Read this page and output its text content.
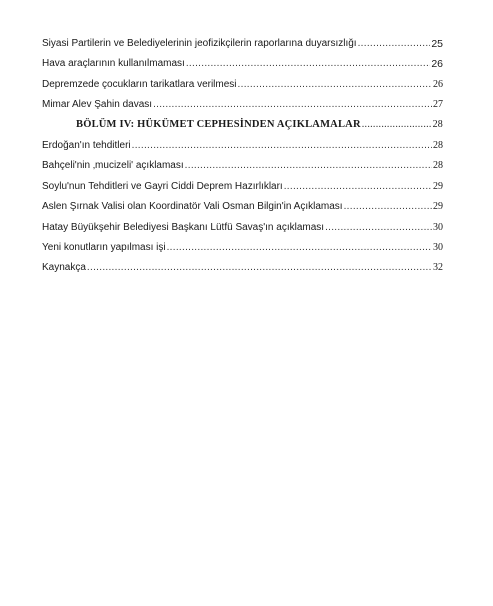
Siyasi Partilerin ve Belediyelerinin jeofizikçilerin raporlarına duyarsızlığı .....	25
Hava araçlarının kullanılmaması .....	26
Depremzede çocukların tarikatlara verilmesi .....	26
Mimar Alev Şahin davası .....	27
BÖLÜM IV: HÜKÜMET CEPHESİNDEN AÇIKLAMALAR .....	28
Erdoğan'ın tehditleri .....	28
Bahçeli'nin ‚mucizeli' açıklaması .....	28
Soylu'nun Tehditleri ve Gayri Ciddi Deprem Hazırlıkları .....	29
Aslen Şırnak Valisi olan Koordinatör Vali Osman Bilgin'in Açıklaması .....	29
Hatay Büyükşehir Belediyesi Başkanı Lütfü Savaş'ın açıklaması .....	30
Yeni konutların yapılması işi .....	30
Kaynakça .....	32
